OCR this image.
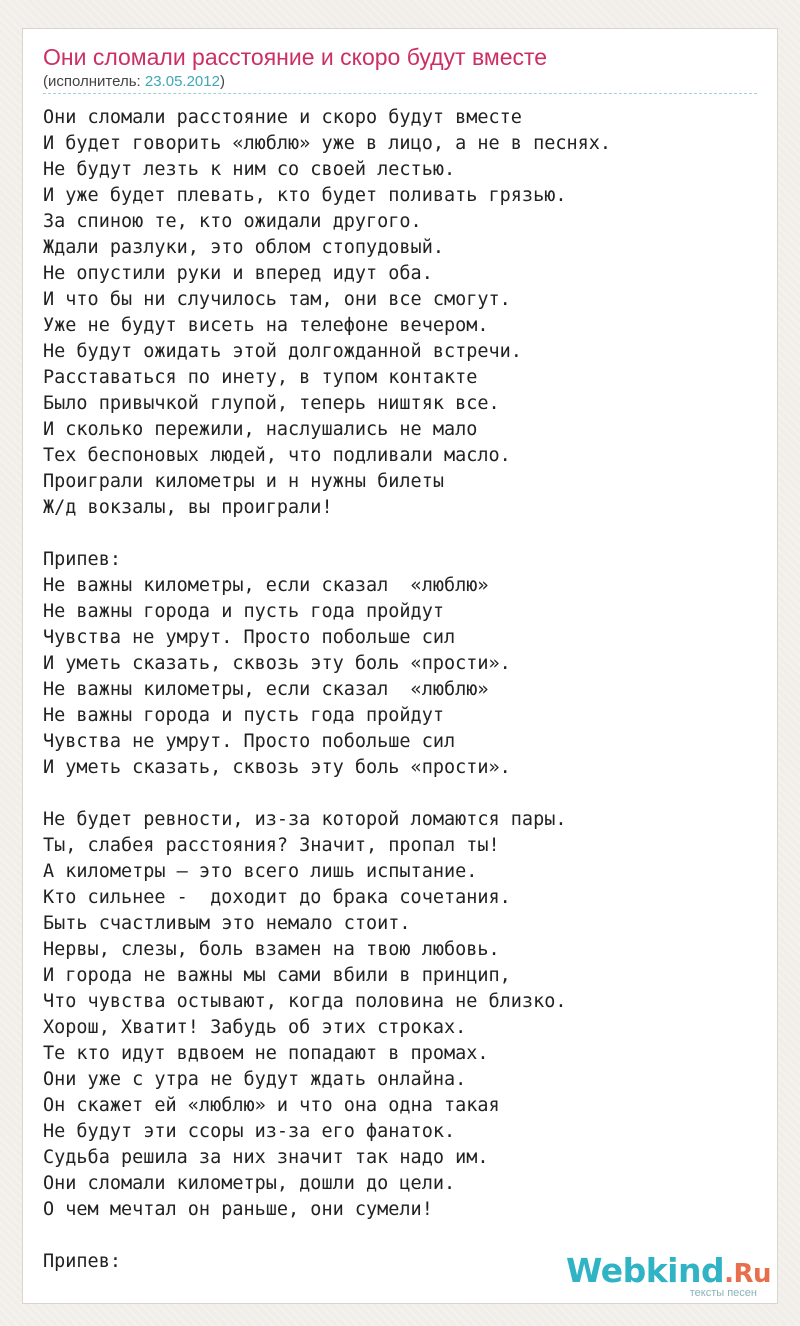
Они сломали расстояние и скоро будут вместе
(исполнитель: 23.05.2012)
Они сломали расстояние и скоро будут вместе
И будет говорить «люблю» уже в лицо, а не в песнях.
Не будут лезть к ним со своей лестью.
И уже будет плевать, кто будет поливать грязью.
За спиною те, кто ожидали другого.
Ждали разлуки, это облом стопудовый.
Не опустили руки и вперед идут оба.
И что бы ни случилось там, они все смогут.
Уже не будут висеть на телефоне вечером.
Не будут ожидать этой долгожданной встречи.
Расставаться по инету, в тупом контакте
Было привычкой глупой, теперь ништяк все.
И сколько пережили, наслушались не мало
Тех беспоновых людей, что подливали масло.
Проиграли километры и н нужны билеты
Ж/д вокзалы, вы проиграли!

Припев:
Не важны километры, если сказал  «люблю»
Не важны города и пусть года пройдут
Чувства не умрут. Просто побольше сил
И уметь сказать, сквозь эту боль «прости».
Не важны километры, если сказал  «люблю»
Не важны города и пусть года пройдут
Чувства не умрут. Просто побольше сил
И уметь сказать, сквозь эту боль «прости».

Не будет ревности, из-за которой ломаются пары.
Ты, слабея расстояния? Значит, пропал ты!
А километры – это всего лишь испытание.
Кто сильнее -  доходит до брака сочетания.
Быть счастливым это немало стоит.
Нервы, слезы, боль взамен на твою любовь.
И города не важны мы сами вбили в принцип,
Что чувства остывают, когда половина не близко.
Хорош, Хватит! Забудь об этих строках.
Те кто идут вдвоем не попадают в промах.
Они уже с утра не будут ждать онлайна.
Он скажет ей «люблю» и что она одна такая
Не будут эти ссоры из-за его фанаток.
Судьба решила за них значит так надо им.
Они сломали километры, дошли до цели.
О чем мечтал он раньше, они сумели!

Припев:	Webkind.Ru
тексты песен
